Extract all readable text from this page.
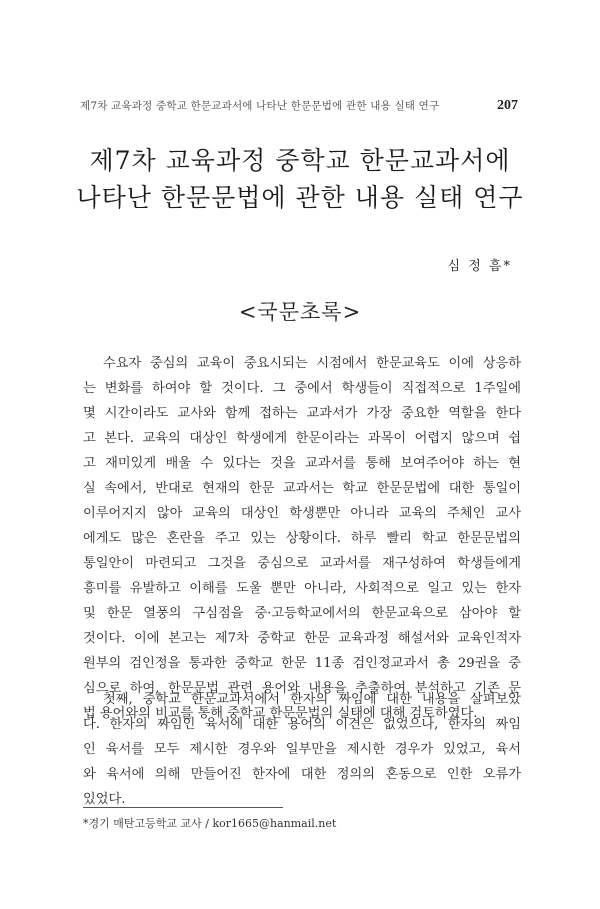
제7차 교육과정 중학교 한문교과서에 나타난 한문문법에 관한 내용 실태 연구	207
제7차 교육과정 중학교 한문교과서에
나타난 한문문법에 관한 내용 실태 연구
심 정 흠*
<국문초록>
수요자 중심의 교육이 중요시되는 시점에서 한문교육도 이에 상응하
는 변화를 하여야 할 것이다. 그 중에서 학생들이 직접적으로 1주일에
몇 시간이라도 교사와 함께 접하는 교과서가 가장 중요한 역할을 한다
고 본다. 교육의 대상인 학생에게 한문이라는 과목이 어렵지 않으며 쉽
고 재미있게 배울 수 있다는 것을 교과서를 통해 보여주어야 하는 현
실 속에서, 반대로 현재의 한문 교과서는 학교 한문문법에 대한 통일이
이루어지지 않아 교육의 대상인 학생뿐만 아니라 교육의 주체인 교사
에게도 많은 혼란을 주고 있는 상황이다. 하루 빨리 학교 한문문법의
통일안이 마련되고 그것을 중심으로 교과서를 재구성하여 학생들에게
흥미를 유발하고 이해를 도울 뿐만 아니라, 사회적으로 일고 있는 한자
및 한문 열풍의 구심점을 중·고등학교에서의 한문교육으로 삼아야 할
것이다. 이에 본고는 제7차 중학교 한문 교육과정 해설서와 교육인적자
원부의 검인정을 통과한 중학교 한문 11종 검인정교과서 총 29권을 중
심으로 하여, 한문문법 관련 용어와 내용을 추출하여 분석하고 기존 문
법 용어와의 비교를 통해 중학교 한문문법의 실태에 대해 검토하였다.
첫째, 중학교 한문교과서에서 한자의 짜임에 대한 내용을 살펴보았
다. 한자의 짜임인 육서에 대한 용어의 이견은 없었으나, 한자의 짜임
인 육서를 모두 제시한 경우와 일부만을 제시한 경우가 있었고, 육서
와 육서에 의해 만들어진 한자에 대한 정의의 혼동으로 인한 오류가
있었다.
*경기 매탄고등학교 교사 / kor1665@hanmail.net
